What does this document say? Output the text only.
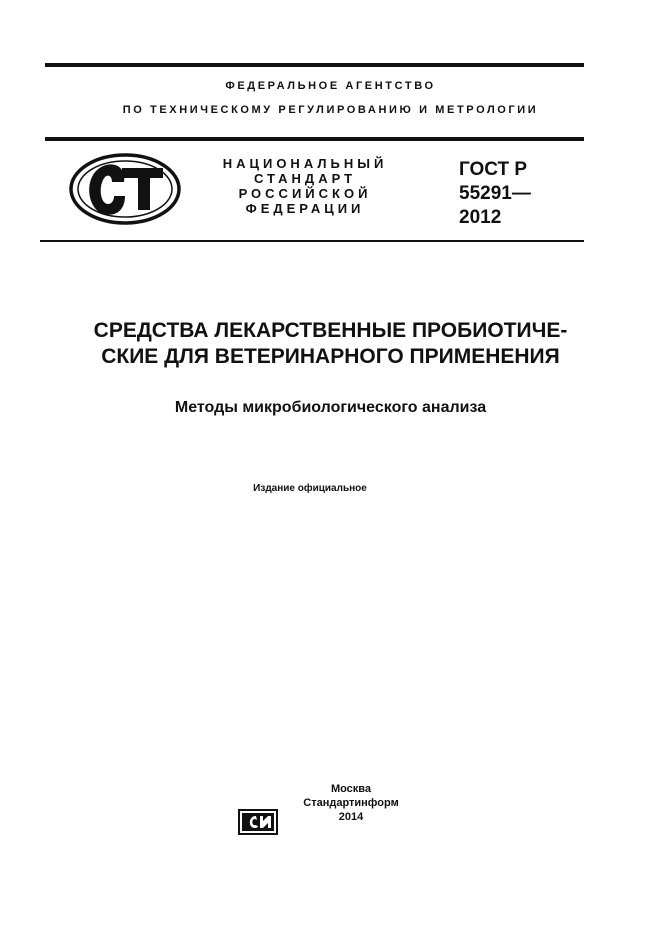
ФЕДЕРАЛЬНОЕ АГЕНТСТВО
ПО ТЕХНИЧЕСКОМУ РЕГУЛИРОВАНИЮ И МЕТРОЛОГИИ
НАЦИОНАЛЬНЫЙ
СТАНДАРТ
РОССИЙСКОЙ
ФЕДЕРАЦИИ
ГОСТ Р
55291—
2012
СРЕДСТВА ЛЕКАРСТВЕННЫЕ ПРОБИОТИЧЕ-
СКИЕ ДЛЯ ВЕТЕРИНАРНОГО ПРИМЕНЕНИЯ
Методы микробиологического анализа
Издание официальное
Москва
Стандартинформ
2014
